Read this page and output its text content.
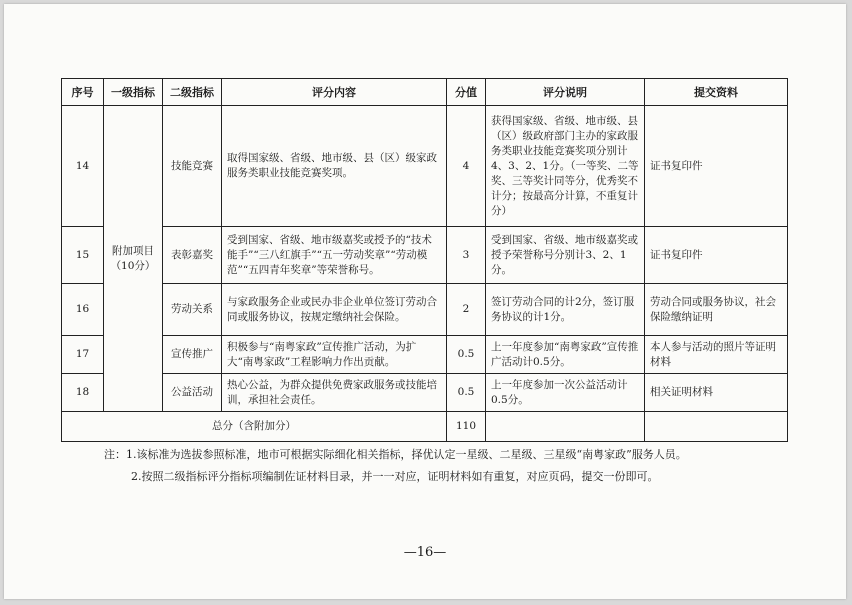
序号	一级指标	二级指标	评分内容	分值	评分说明	提交资料
14	附加项目（10分）	技能竞赛	取得国家级、省级、地市级、县（区）级家政服务类职业技能竞赛奖项。	4	获得国家级、省级、地市级、县（区）级政府部门主办的家政服务类职业技能竞赛奖项分别计4、3、2、1分。（一等奖、二等奖、三等奖计同等分，优秀奖不计分；按最高分计算，不重复计分）	证书复印件
15		表彰嘉奖	受到国家、省级、地市级嘉奖或授予的“技术能手”“三八红旗手”“五一劳动奖章”“劳动模范”“五四青年奖章”等荣誉称号。	3	受到国家、省级、地市级嘉奖或授予荣誉称号分别计3、2、1分。	证书复印件
16		劳动关系	与家政服务企业或民办非企业单位签订劳动合同或服务协议，按规定缴纳社会保险。	2	签订劳动合同的计2分，签订服务协议的计1分。	劳动合同或服务协议，社会保险缴纳证明
17		宣传推广	积极参与“南粤家政”宣传推广活动，为扩大“南粤家政”工程影响力作出贡献。	0.5	上一年度参加“南粤家政”宣传推广活动计0.5分。	本人参与活动的照片等证明材料
18		公益活动	热心公益，为群众提供免费家政服务或技能培训，承担社会责任。	0.5	上一年度参加一次公益活动计0.5分。	相关证明材料
总分（含附加分）				110		
注：1.该标准为选拔参照标准，地市可根据实际细化相关指标，择优认定一星级、二星级、三星级“南粤家政”服务人员。
2.按照二级指标评分指标项编制佐证材料目录，并一一对应，证明材料如有重复，对应页码，提交一份即可。
—16—
